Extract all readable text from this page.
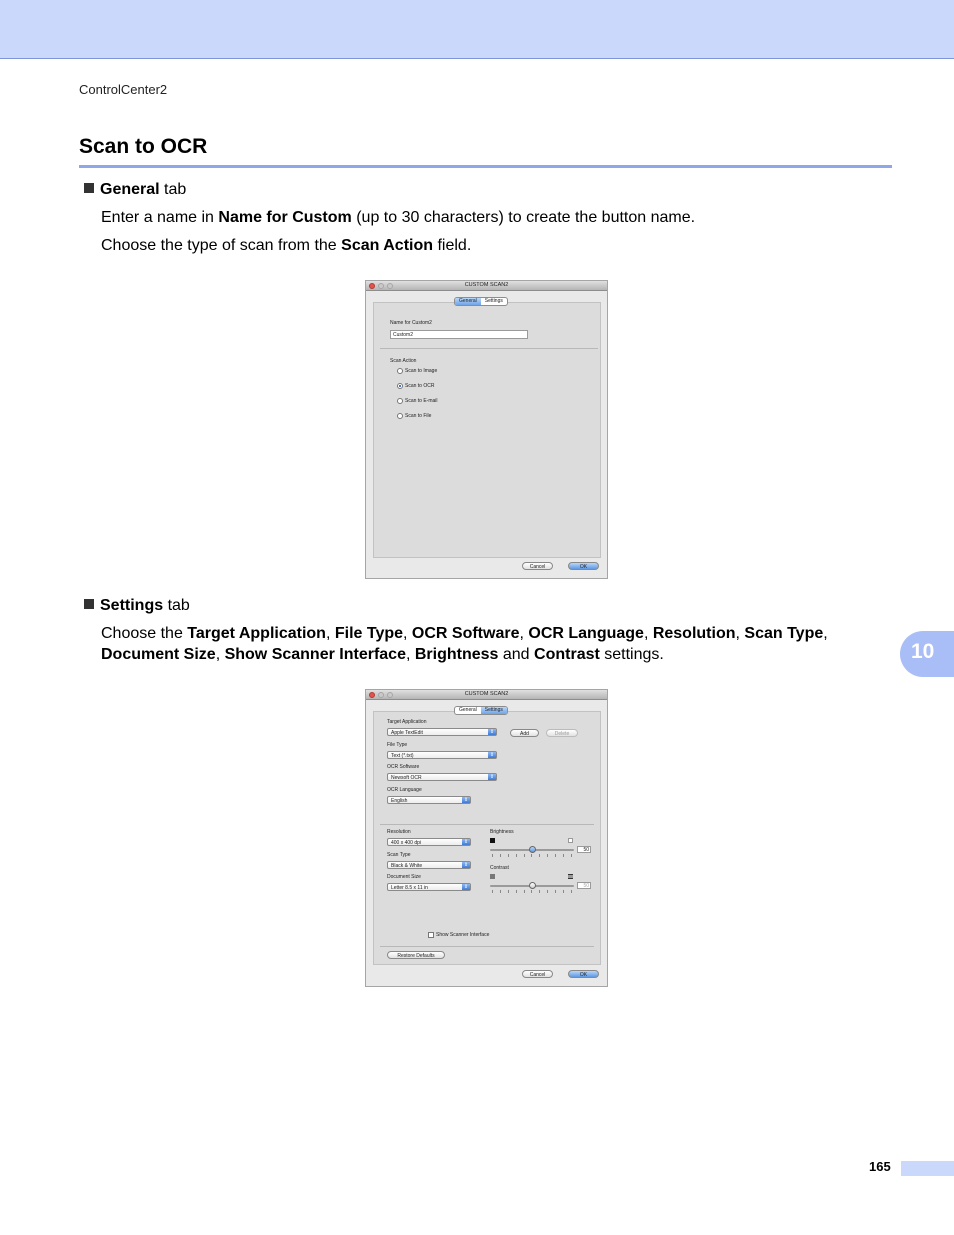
ControlCenter2
Scan to OCR
General tab
Enter a name in Name for Custom (up to 30 characters) to create the button name.
Choose the type of scan from the Scan Action field.
CUSTOM SCAN2
General	Settings
Name for Custom2
Custom2
Scan Action
Scan to Image
Scan to OCR
Scan to E-mail
Scan to File
Cancel	OK
Settings tab
Choose the Target Application, File Type, OCR Software, OCR Language, Resolution, Scan Type,
Document Size, Show Scanner Interface, Brightness and Contrast settings.	10
CUSTOM SCAN2
General	Settings
Target Application
Apple TextEdit	⇕	Add	Delete
File Type
Text (*.txt)	⇕
OCR Software
Newsoft OCR	⇕
OCR Language
English	⇕
Resolution
400 x 400 dpi	⇕
Scan Type
Black & White	⇕
Document Size
Letter 8.5 x 11 in	⇕
Brightness
50
Contrast
50
Show Scanner Interface
Restore Defaults
Cancel	OK
165
